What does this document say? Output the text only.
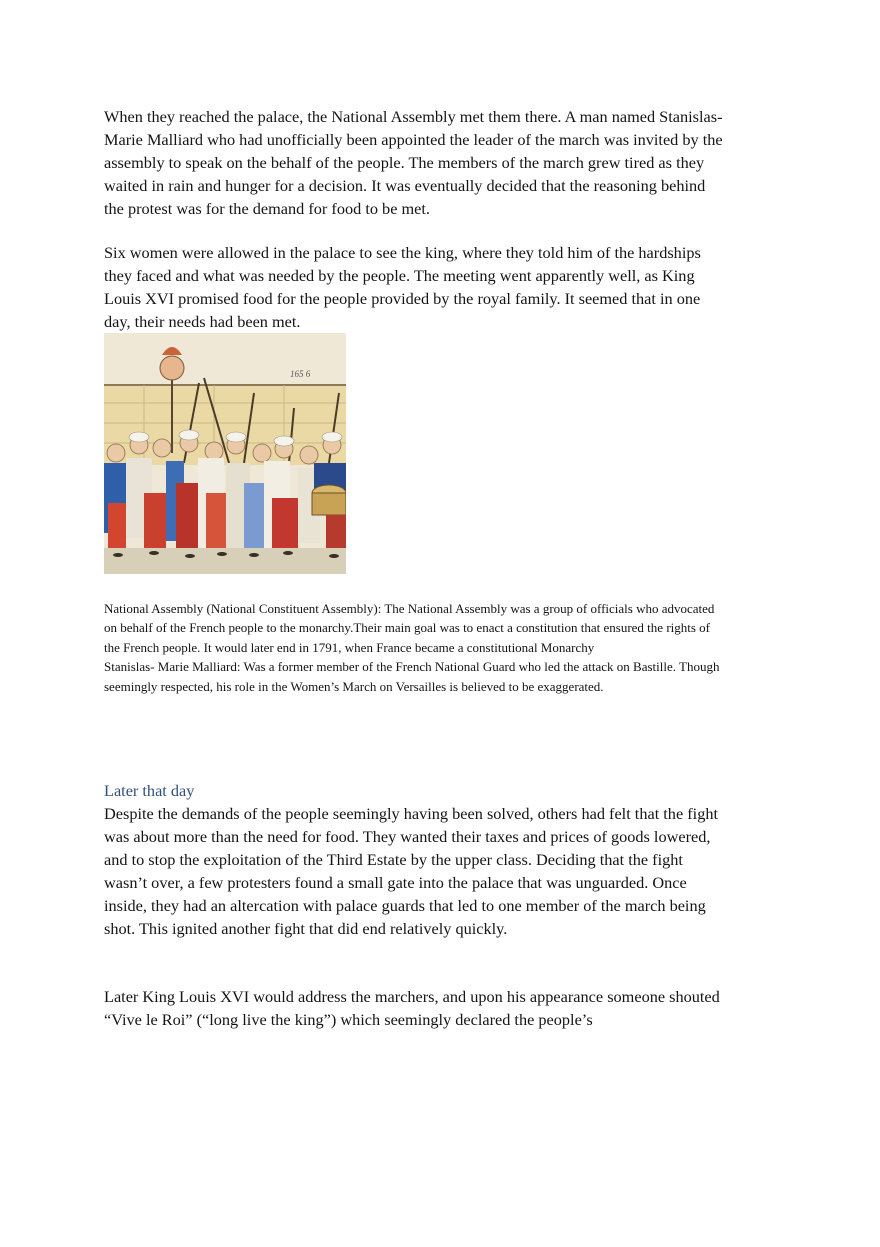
When they reached the palace, the National Assembly met them there. A man named Stanislas- Marie Malliard who had unofficially been appointed the leader of the march was invited by the assembly to speak on the behalf of the people. The members of the march grew tired as they waited in rain and hunger for a decision. It was eventually decided that the reasoning behind the protest was for the demand for food to be met.

Six women were allowed in the palace to see the king, where they told him of the hardships they faced and what was needed by the people. The meeting went apparently well, as King Louis XVI promised food for the people provided by the royal family. It seemed that in one day, their needs had been met.

165 6

National Assembly (National Constituent Assembly): The National Assembly was a group of officials who advocated on behalf of the French people to the monarchy.Their main goal was to enact a constitution that ensured the rights of the French people. It would later end in 1791, when France became a constitutional Monarchy

Stanislas- Marie Malliard: Was a former member of the French National Guard who led the attack on Bastille. Though seemingly respected, his role in the Women’s March on Versailles is believed to be exaggerated.

Later that day

Despite the demands of the people seemingly having been solved, others had felt that the fight was about more than the need for food. They wanted their taxes and prices of goods lowered, and to stop the exploitation of the Third Estate by the upper class. Deciding that the fight wasn’t over, a few protesters found a small gate into the palace that was unguarded. Once inside, they had an altercation with palace guards that led to one member of the march being shot. This ignited another fight that did end relatively quickly.

Later King Louis XVI would address the marchers, and upon his appearance someone shouted “Vive le Roi” (“long live the king”) which seemingly declared the people’s
